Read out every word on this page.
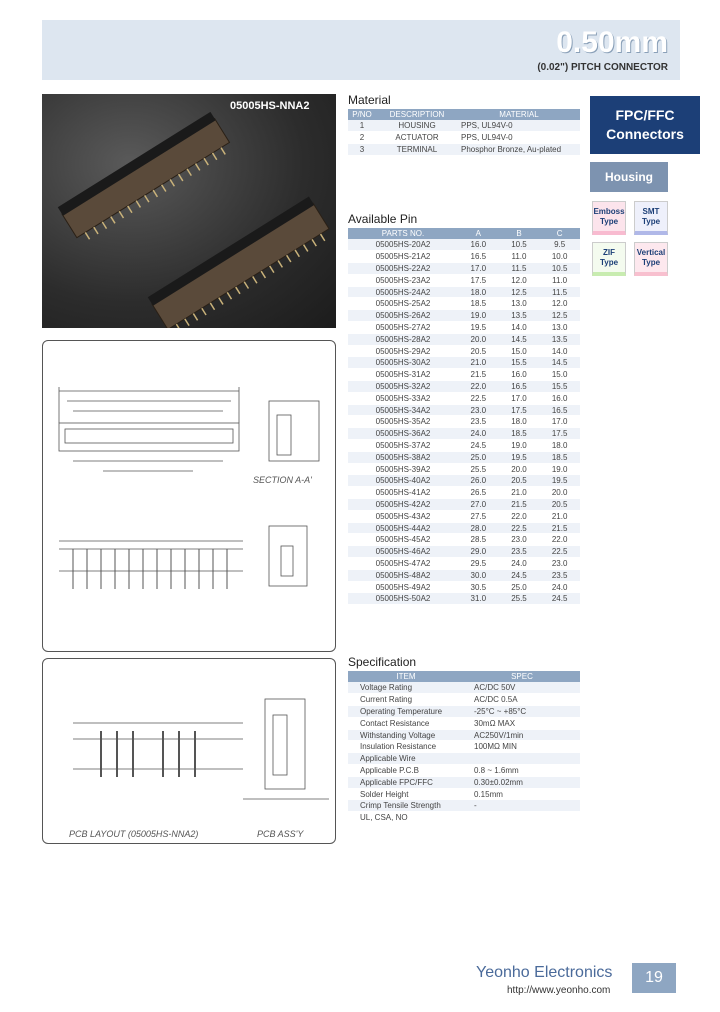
0.50mm
(0.02") PITCH CONNECTOR
05005HS-NNA2
SECTION A-A'
PCB LAYOUT (05005HS-NNA2)	PCB ASS'Y
Material
P/NO	DESCRIPTION	MATERIAL
1	HOUSING	PPS, UL94V-0
2	ACTUATOR	PPS, UL94V-0
3	TERMINAL	Phosphor Bronze, Au-plated
Available Pin
PARTS NO.	A	B	C
05005HS-20A2	16.0	10.5	9.5
05005HS-21A2	16.5	11.0	10.0
05005HS-22A2	17.0	11.5	10.5
05005HS-23A2	17.5	12.0	11.0
05005HS-24A2	18.0	12.5	11.5
05005HS-25A2	18.5	13.0	12.0
05005HS-26A2	19.0	13.5	12.5
05005HS-27A2	19.5	14.0	13.0
05005HS-28A2	20.0	14.5	13.5
05005HS-29A2	20.5	15.0	14.0
05005HS-30A2	21.0	15.5	14.5
05005HS-31A2	21.5	16.0	15.0
05005HS-32A2	22.0	16.5	15.5
05005HS-33A2	22.5	17.0	16.0
05005HS-34A2	23.0	17.5	16.5
05005HS-35A2	23.5	18.0	17.0
05005HS-36A2	24.0	18.5	17.5
05005HS-37A2	24.5	19.0	18.0
05005HS-38A2	25.0	19.5	18.5
05005HS-39A2	25.5	20.0	19.0
05005HS-40A2	26.0	20.5	19.5
05005HS-41A2	26.5	21.0	20.0
05005HS-42A2	27.0	21.5	20.5
05005HS-43A2	27.5	22.0	21.0
05005HS-44A2	28.0	22.5	21.5
05005HS-45A2	28.5	23.0	22.0
05005HS-46A2	29.0	23.5	22.5
05005HS-47A2	29.5	24.0	23.0
05005HS-48A2	30.0	24.5	23.5
05005HS-49A2	30.5	25.0	24.0
05005HS-50A2	31.0	25.5	24.5
Specification
ITEM	SPEC
Voltage Rating	AC/DC 50V
Current Rating	AC/DC 0.5A
Operating Temperature	-25°C ~ +85°C
Contact Resistance	30mΩ MAX
Withstanding Voltage	AC250V/1min
Insulation Resistance	100MΩ MIN
Applicable Wire	
Applicable P.C.B	0.8 ~ 1.6mm
Applicable FPC/FFC	0.30±0.02mm
Solder Height	0.15mm
Crimp Tensile Strength	-
UL, CSA, NO	
FPC/FFC Connectors
Housing
Emboss Type
SMT Type
ZIF Type
Vertical Type
Yeonho Electronics
http://www.yeonho.com
19
